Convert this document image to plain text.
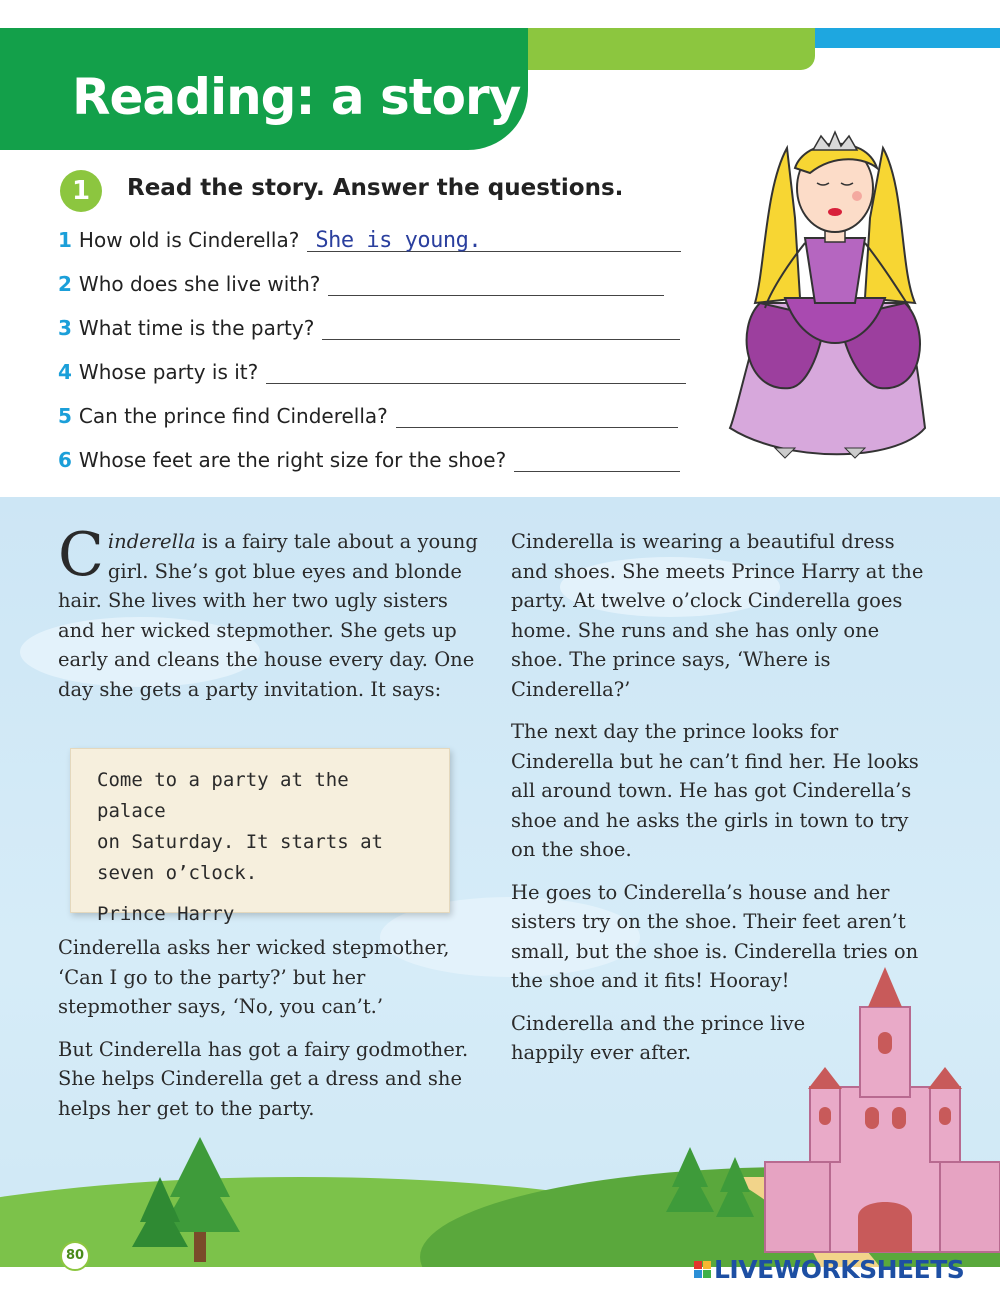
Reading: a story
1	Read the story. Answer the questions.
1 How old is Cinderella? She is young.
2 Who does she live with?
3 What time is the party?
4 Whose party is it?
5 Can the prince find Cinderella?
6 Whose feet are the right size for the shoe?

Cinderella is a fairy tale about a young girl. She’s got blue eyes and blonde hair. She lives with her two ugly sisters and her wicked stepmother. She gets up early and cleans the house every day. One day she gets a party invitation. It says:

Come to a party at the palace
on Saturday. It starts at
seven o’clock.
Prince Harry

Cinderella asks her wicked stepmother, ‘Can I go to the party?’ but her stepmother says, ‘No, you can’t.’

But Cinderella has got a fairy godmother. She helps Cinderella get a dress and she helps her get to the party.

Cinderella is wearing a beautiful dress and shoes. She meets Prince Harry at the party. At twelve o’clock Cinderella goes home. She runs and she has only one shoe. The prince says, ‘Where is Cinderella?’

The next day the prince looks for Cinderella but he can’t find her. He looks all around town. He has got Cinderella’s shoe and he asks the girls in town to try on the shoe.

He goes to Cinderella’s house and her sisters try on the shoe. Their feet aren’t small, but the shoe is. Cinderella tries on the shoe and it fits! Hooray!

Cinderella and the prince live happily ever after.

80	LIVEWORKSHEETS
